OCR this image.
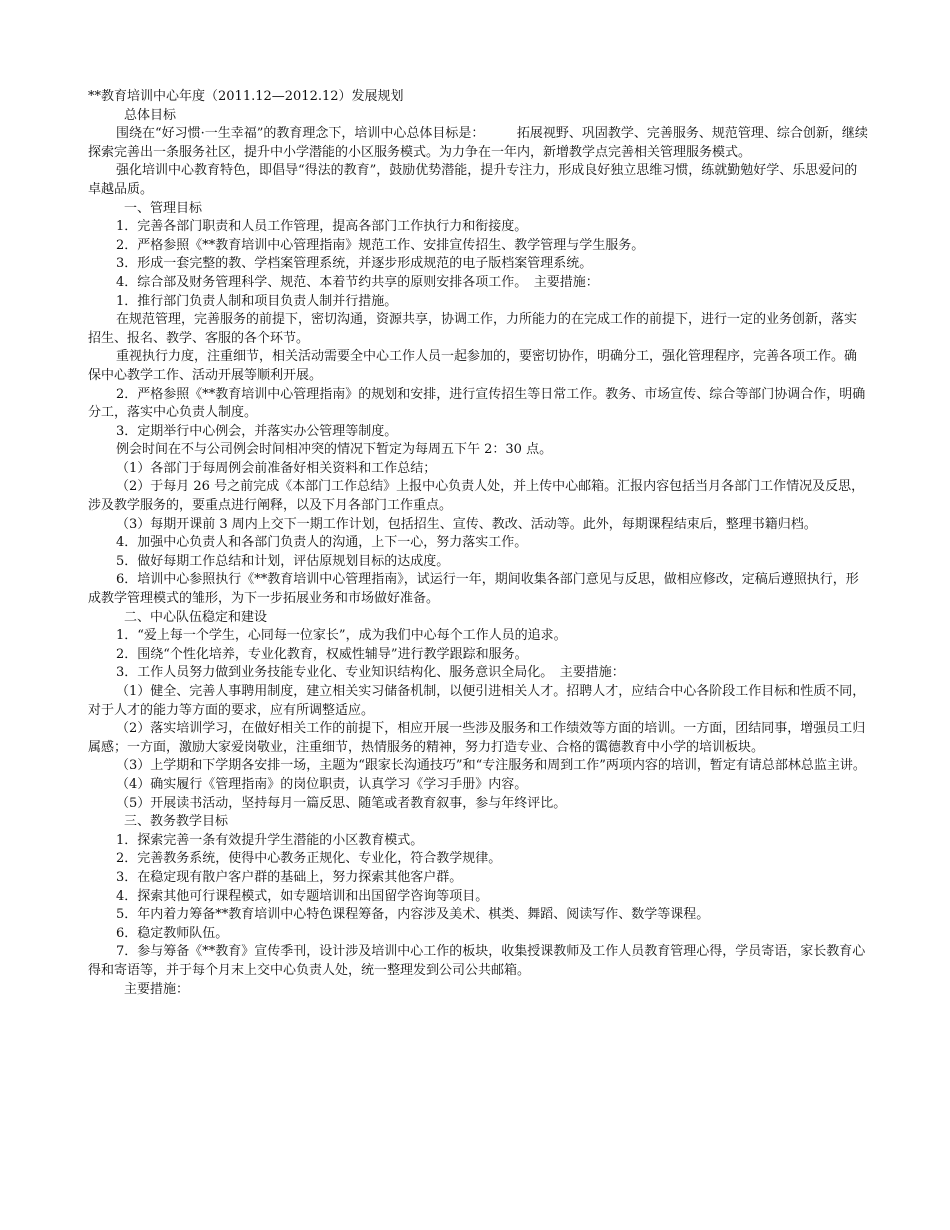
**教育培训中心年度（2011.12—2012.12）发展规划

总体目标

围绕在“好习惯·一生幸福”的教育理念下，培训中心总体目标是：　　　拓展视野、巩固教学、完善服务、规范管理、综合创新，继续探索完善出一条服务社区，提升中小学潜能的小区服务模式。为力争在一年内，新增教学点完善相关管理服务模式。

强化培训中心教育特色，即倡导“得法的教育”，鼓励优势潜能，提升专注力，形成良好独立思维习惯，练就勤勉好学、乐思爱问的卓越品质。

一、管理目标

1．完善各部门职责和人员工作管理，提高各部门工作执行力和衔接度。

2．严格参照《**教育培训中心管理指南》规范工作、安排宣传招生、教学管理与学生服务。

3．形成一套完整的教、学档案管理系统，并逐步形成规范的电子版档案管理系统。

4．综合部及财务管理科学、规范、本着节约共享的原则安排各项工作。　主要措施：

1．推行部门负责人制和项目负责人制并行措施。

在规范管理，完善服务的前提下，密切沟通，资源共享，协调工作，力所能力的在完成工作的前提下，进行一定的业务创新，落实招生、报名、教学、客服的各个环节。

重视执行力度，注重细节，相关活动需要全中心工作人员一起参加的，要密切协作，明确分工，强化管理程序，完善各项工作。确保中心教学工作、活动开展等顺利开展。

2．严格参照《**教育培训中心管理指南》的规划和安排，进行宣传招生等日常工作。教务、市场宣传、综合等部门协调合作，明确分工，落实中心负责人制度。

3．定期举行中心例会，并落实办公管理等制度。

例会时间在不与公司例会时间相冲突的情况下暂定为每周五下午 2：30 点。

（1）各部门于每周例会前准备好相关资料和工作总结；

（2）于每月 26 号之前完成《本部门工作总结》上报中心负责人处，并上传中心邮箱。汇报内容包括当月各部门工作情况及反思，涉及教学服务的，要重点进行阐释，以及下月各部门工作重点。

（3）每期开课前 3 周内上交下一期工作计划，包括招生、宣传、教改、活动等。此外，每期课程结束后，整理书籍归档。

4．加强中心负责人和各部门负责人的沟通，上下一心，努力落实工作。

5．做好每期工作总结和计划，评估原规划目标的达成度。

6．培训中心参照执行《**教育培训中心管理指南》，试运行一年，期间收集各部门意见与反思，做相应修改，定稿后遵照执行，形成教学管理模式的雏形，为下一步拓展业务和市场做好准备。

二、中心队伍稳定和建设

1．“爱上每一个学生，心同每一位家长”，成为我们中心每个工作人员的追求。

2．围绕“个性化培养，专业化教育，权威性辅导”进行教学跟踪和服务。

3．工作人员努力做到业务技能专业化、专业知识结构化、服务意识全局化。　主要措施：

（1）健全、完善人事聘用制度，建立相关实习储备机制，以便引进相关人才。招聘人才，应结合中心各阶段工作目标和性质不同，对于人才的能力等方面的要求，应有所调整适应。

（2）落实培训学习，在做好相关工作的前提下，相应开展一些涉及服务和工作绩效等方面的培训。一方面，团结同事，增强员工归属感；一方面，激励大家爱岗敬业，注重细节，热情服务的精神，努力打造专业、合格的霭德教育中小学的培训板块。

（3）上学期和下学期各安排一场，主题为“跟家长沟通技巧”和“专注服务和周到工作”两项内容的培训，暂定有请总部林总监主讲。

（4）确实履行《管理指南》的岗位职责，认真学习《学习手册》内容。

（5）开展读书活动，坚持每月一篇反思、随笔或者教育叙事，参与年终评比。

三、教务教学目标

1．探索完善一条有效提升学生潜能的小区教育模式。

2．完善教务系统，使得中心教务正规化、专业化，符合教学规律。

3．在稳定现有散户客户群的基础上，努力探索其他客户群。

4．探索其他可行课程模式，如专题培训和出国留学咨询等项目。

5．年内着力筹备**教育培训中心特色课程筹备，内容涉及美术、棋类、舞蹈、阅读写作、数学等课程。

6．稳定教师队伍。

7．参与筹备《**教育》宣传季刊，设计涉及培训中心工作的板块，收集授课教师及工作人员教育管理心得，学员寄语，家长教育心得和寄语等，并于每个月末上交中心负责人处，统一整理发到公司公共邮箱。

主要措施：
